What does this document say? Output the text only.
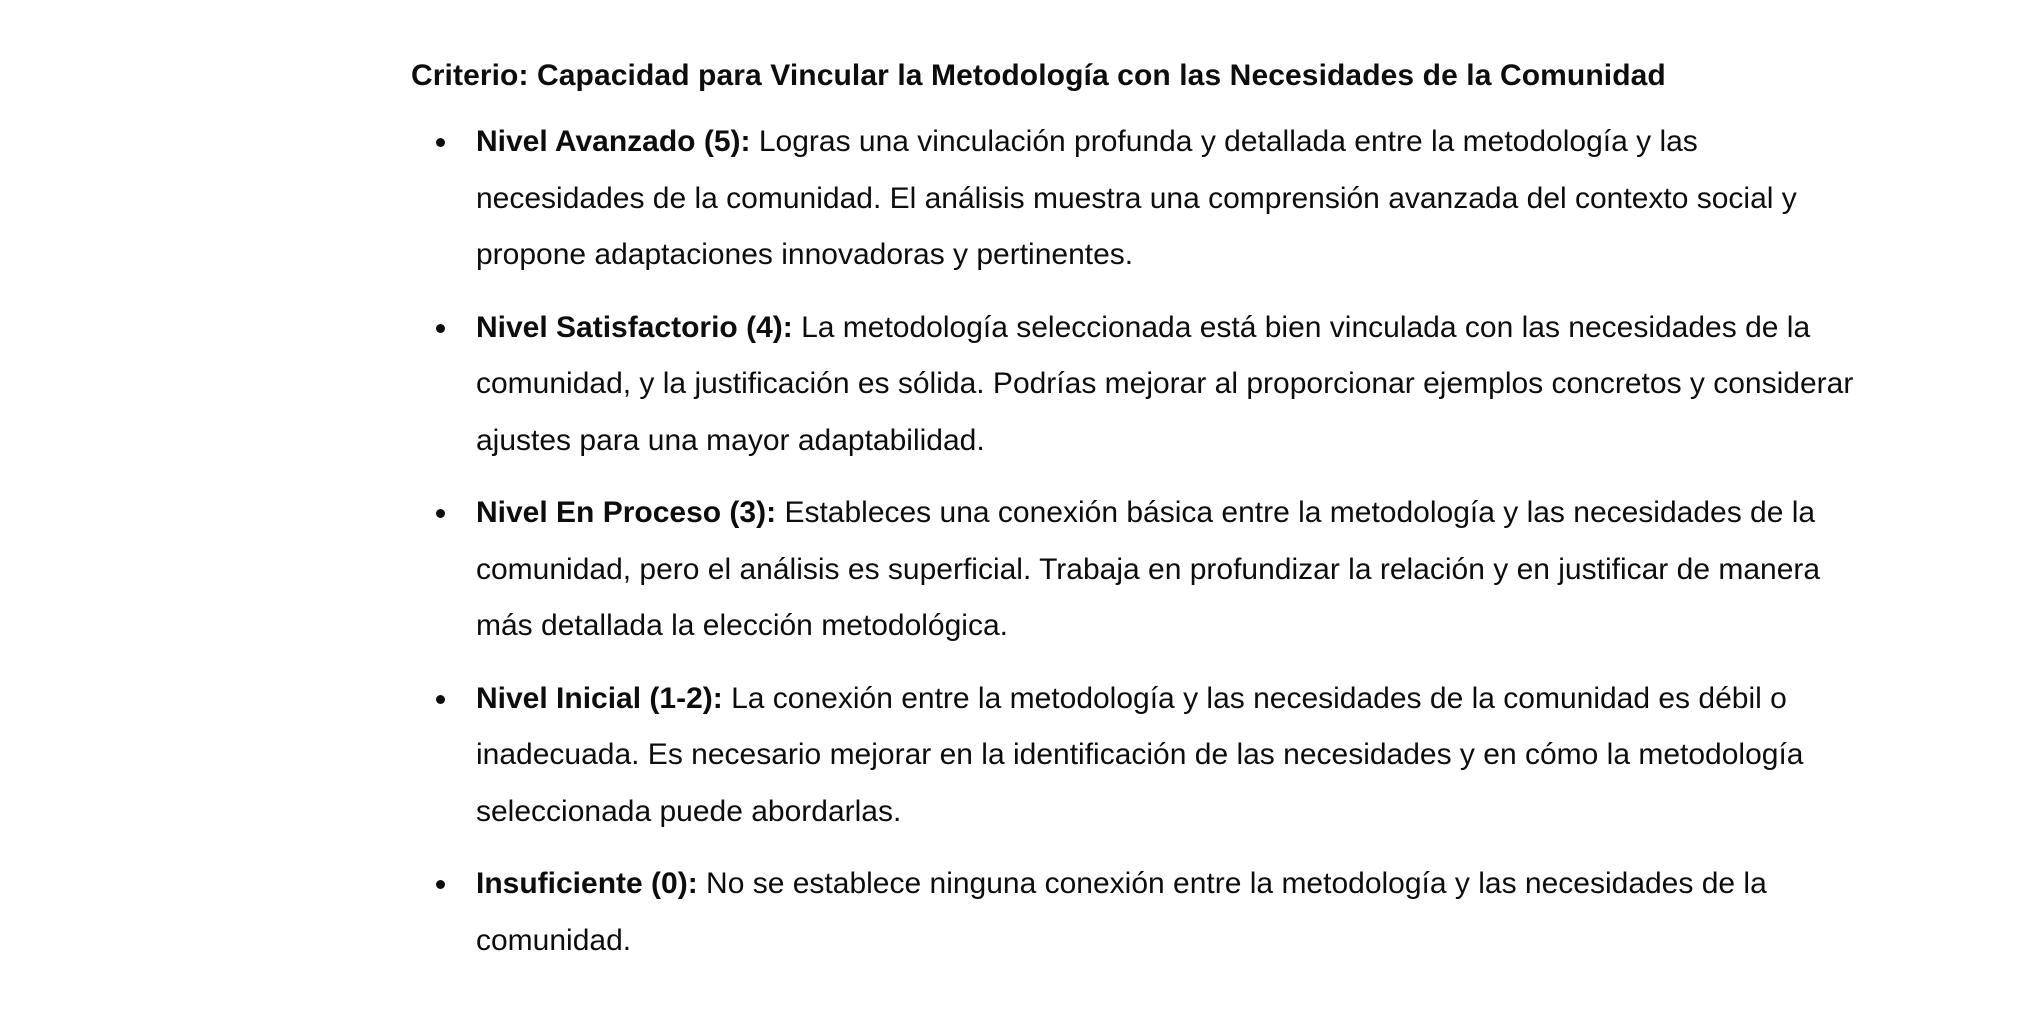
Criterio: Capacidad para Vincular la Metodología con las Necesidades de la Comunidad
Nivel Avanzado (5): Logras una vinculación profunda y detallada entre la metodología y las necesidades de la comunidad. El análisis muestra una comprensión avanzada del contexto social y propone adaptaciones innovadoras y pertinentes.
Nivel Satisfactorio (4): La metodología seleccionada está bien vinculada con las necesidades de la comunidad, y la justificación es sólida. Podrías mejorar al proporcionar ejemplos concretos y considerar ajustes para una mayor adaptabilidad.
Nivel En Proceso (3): Estableces una conexión básica entre la metodología y las necesidades de la comunidad, pero el análisis es superficial. Trabaja en profundizar la relación y en justificar de manera más detallada la elección metodológica.
Nivel Inicial (1-2): La conexión entre la metodología y las necesidades de la comunidad es débil o inadecuada. Es necesario mejorar en la identificación de las necesidades y en cómo la metodología seleccionada puede abordarlas.
Insuficiente (0): No se establece ninguna conexión entre la metodología y las necesidades de la comunidad.
